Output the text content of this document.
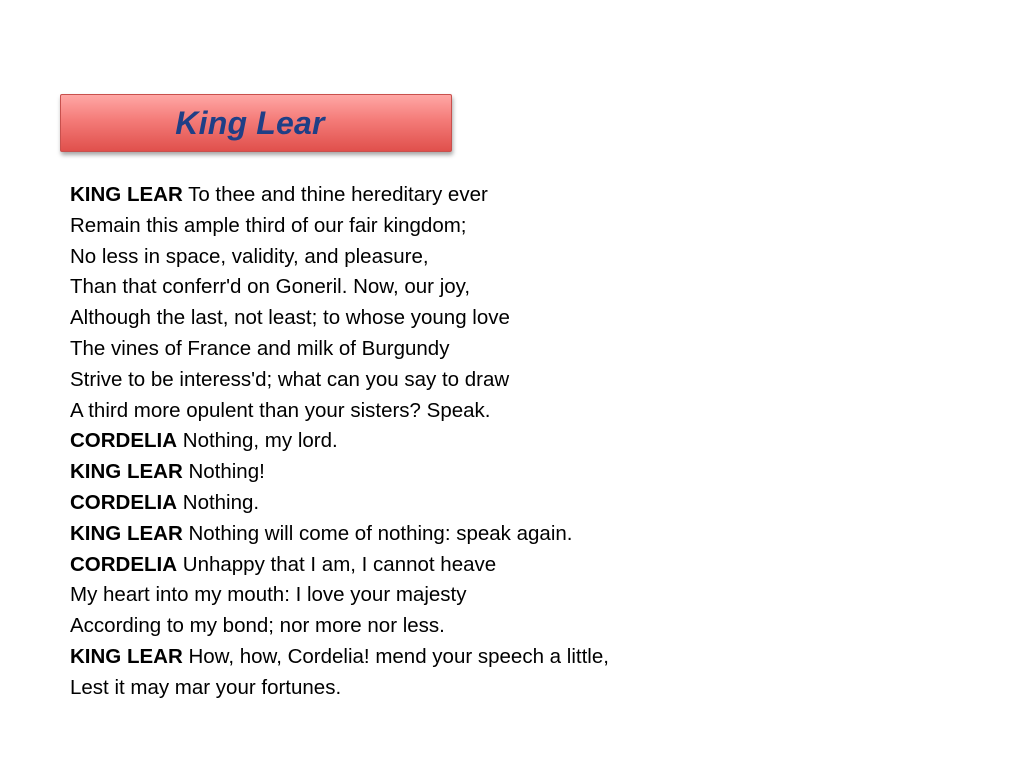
King Lear
KING LEAR To thee and thine hereditary ever
Remain this ample third of our fair kingdom;
No less in space, validity, and pleasure,
Than that conferr'd on Goneril. Now, our joy,
Although the last, not least; to whose young love
The vines of France and milk of Burgundy
Strive to be interess'd; what can you say to draw
A third more opulent than your sisters? Speak.
CORDELIA Nothing, my lord.
KING LEAR Nothing!
CORDELIA Nothing.
KING LEAR Nothing will come of nothing: speak again.
CORDELIA Unhappy that I am, I cannot heave
My heart into my mouth: I love your majesty
According to my bond; nor more nor less.
KING LEAR How, how, Cordelia! mend your speech a little,
Lest it may mar your fortunes.
